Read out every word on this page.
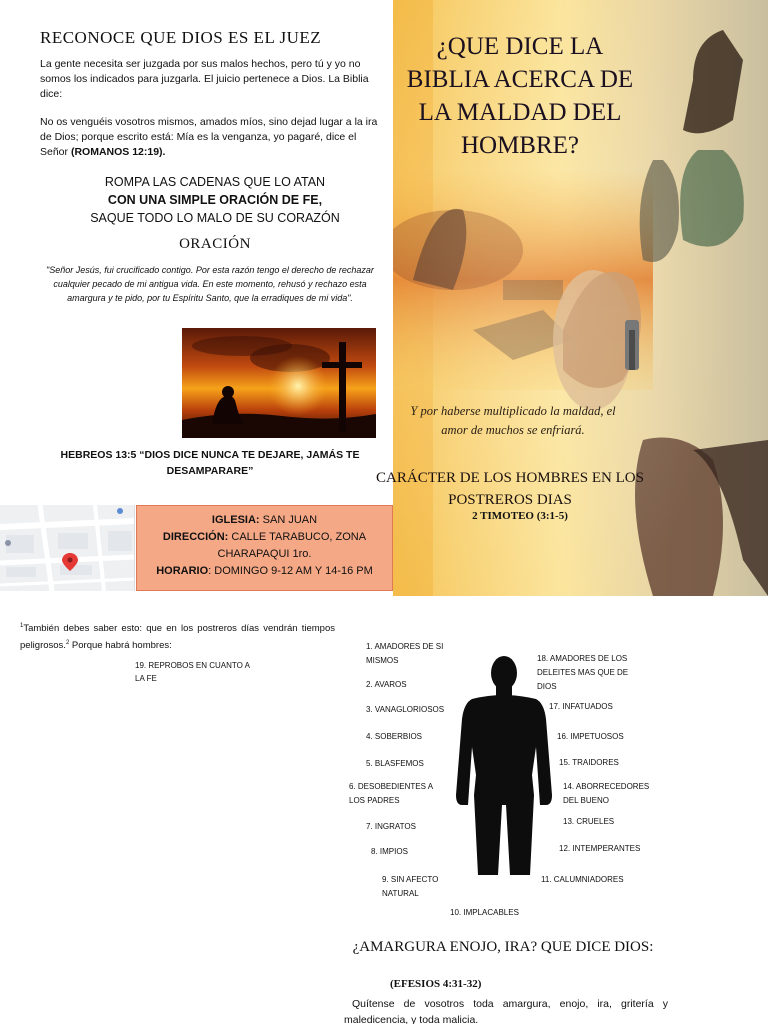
RECONOCE QUE DIOS ES EL JUEZ
La gente necesita ser juzgada por sus malos hechos, pero tú y yo no somos los indicados para juzgarla. El juicio pertenece a Dios. La Biblia dice:
No os venguéis vosotros mismos, amados míos, sino dejad lugar a la ira de Dios; porque escrito está: Mía es la venganza, yo pagaré, dice el Señor (ROMANOS 12:19).
ROMPA LAS CADENAS QUE LO ATAN
CON UNA SIMPLE ORACIÓN DE FE,
SAQUE TODO LO MALO DE SU CORAZÓN
ORACIÓN
"Señor Jesús, fui crucificado contigo. Por esta razón tengo el derecho de rechazar cualquier pecado de mi antigua vida. En este momento, rehusó y rechazo esta amargura y te pido, por tu Espíritu Santo, que la erradiques de mi vida".
HEBREOS 13:5 “DIOS DICE NUNCA TE DEJARE, JAMÁS TE DESAMPARARE”
IGLESIA: SAN JUAN
DIRECCIÓN: CALLE TARABUCO, ZONA CHARAPAQUI 1ro.
HORARIO: DOMINGO 9-12 AM Y 14-16 PM
¿QUE DICE LA BIBLIA ACERCA DE LA MALDAD DEL HOMBRE?
Y por haberse multiplicado la maldad, el amor de muchos se enfriará.
CARÁCTER DE LOS HOMBRES EN LOS POSTREROS DIAS
2 TIMOTEO (3:1-5)
$^1$También debes saber esto: que en los postreros días vendrán tiempos peligrosos.$^2$ Porque habrá hombres:
19. REPROBOS EN CUANTO A LA FE
1. AMADORES DE SI MISMOS
2. AVAROS
3. VANAGLORIOSOS
4. SOBERBIOS
5. BLASFEMOS
6. DESOBEDIENTES A LOS PADRES
7. INGRATOS
8. IMPIOS
9. SIN AFECTO NATURAL
10. IMPLACABLES
11. CALUMNIADORES
12. INTEMPERANTES
13. CRUELES
14. ABORRECEDORES DEL BUENO
15. TRAIDORES
16. IMPETUOSOS
17. INFATUADOS
18. AMADORES DE LOS DELEITES MAS QUE DE DIOS
¿AMARGURA ENOJO, IRA? QUE DICE DIOS:
(EFESIOS 4:31-32)
Quítense de vosotros toda amargura, enojo, ira, gritería y maledicencia, y toda malicia.
